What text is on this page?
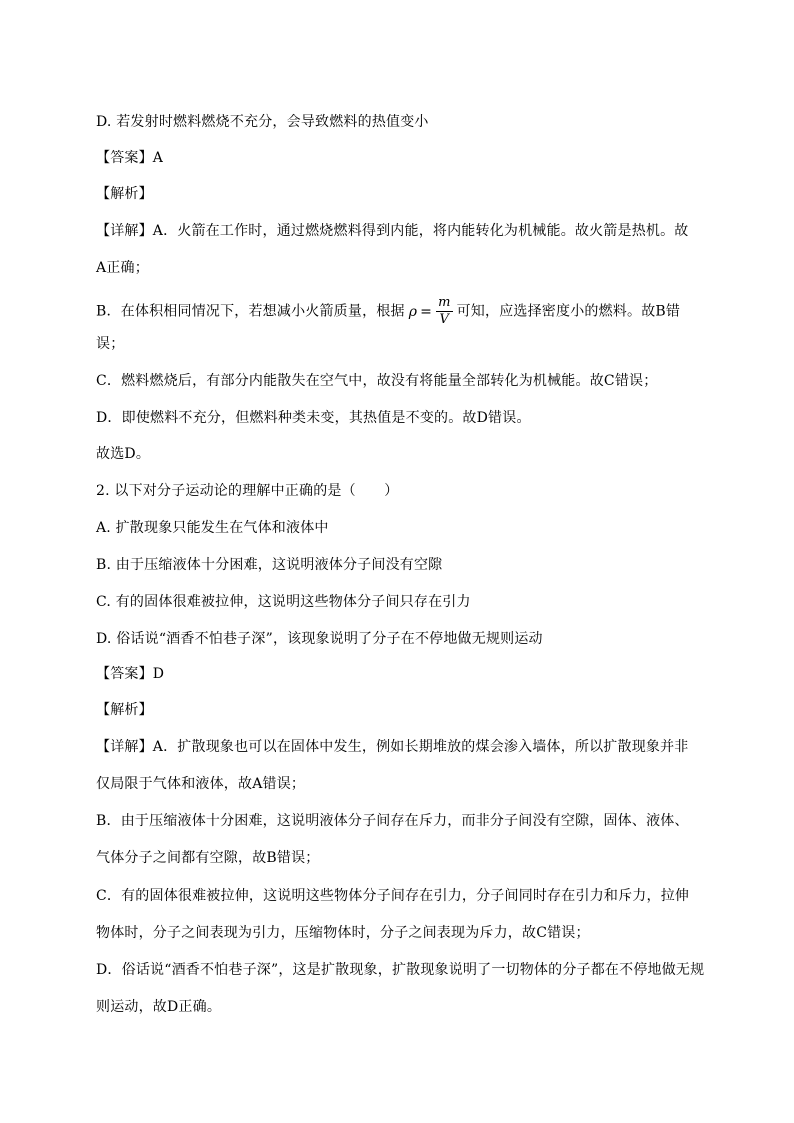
D. 若发射时燃料燃烧不充分，会导致燃料的热值变小
【答案】A
【解析】
【详解】A．火箭在工作时，通过燃烧燃料得到内能，将内能转化为机械能。故火箭是热机。故
A正确；
B．在体积相同情况下，若想减小火箭质量，根据 $\rho = \frac{m}{V}$ 可知，应选择密度小的燃料。故B错
误；
C．燃料燃烧后，有部分内能散失在空气中，故没有将能量全部转化为机械能。故C错误；
D．即使燃料不充分，但燃料种类未变，其热值是不变的。故D错误。
故选D。
2. 以下对分子运动论的理解中正确的是（　　）
A. 扩散现象只能发生在气体和液体中
B. 由于压缩液体十分困难，这说明液体分子间没有空隙
C. 有的固体很难被拉伸，这说明这些物体分子间只存在引力
D. 俗话说“酒香不怕巷子深”，该现象说明了分子在不停地做无规则运动
【答案】D
【解析】
【详解】A．扩散现象也可以在固体中发生，例如长期堆放的煤会渗入墙体，所以扩散现象并非
仅局限于气体和液体，故A错误；
B．由于压缩液体十分困难，这说明液体分子间存在斥力，而非分子间没有空隙，固体、液体、
气体分子之间都有空隙，故B错误；
C．有的固体很难被拉伸，这说明这些物体分子间存在引力，分子间同时存在引力和斥力，拉伸
物体时，分子之间表现为引力，压缩物体时，分子之间表现为斥力，故C错误；
D．俗话说“酒香不怕巷子深”，这是扩散现象，扩散现象说明了一切物体的分子都在不停地做无规
则运动，故D正确。
